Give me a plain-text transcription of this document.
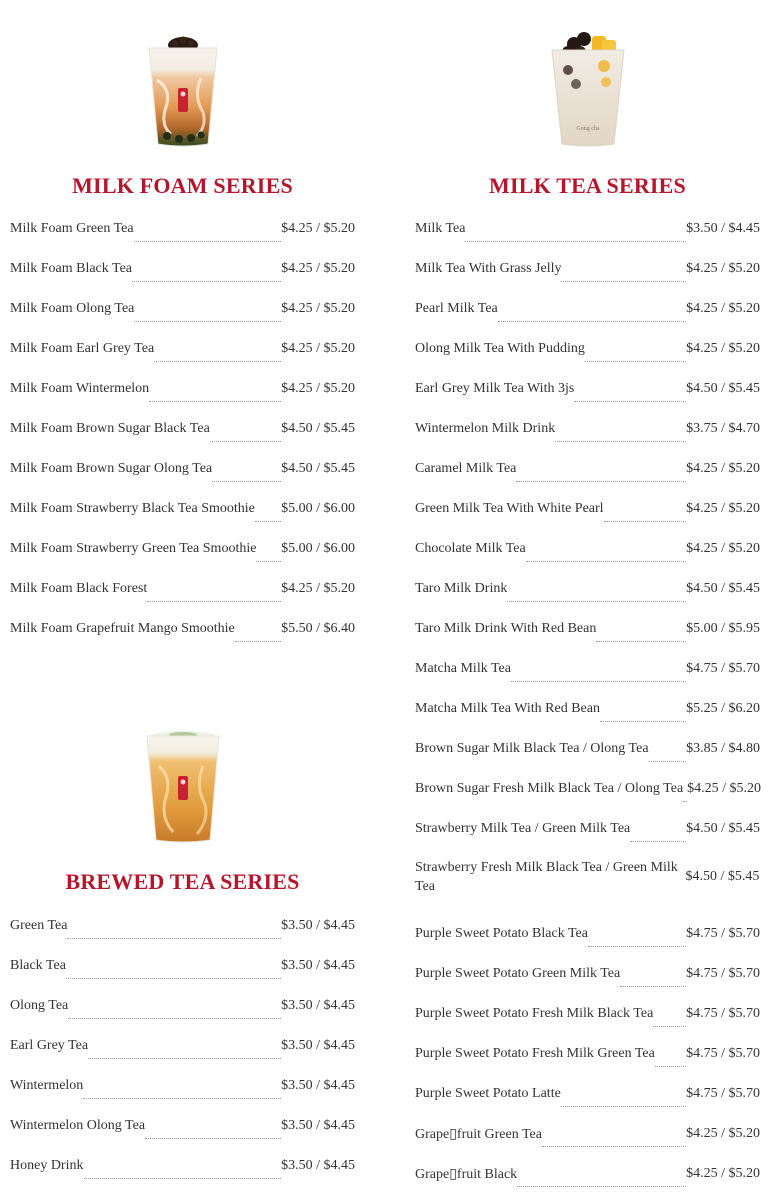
MILK FOAM SERIES
Milk Foam Green Tea	$4.25 / $5.20
Milk Foam Black Tea	$4.25 / $5.20
Milk Foam Olong Tea	$4.25 / $5.20
Milk Foam Earl Grey Tea	$4.25 / $5.20
Milk Foam Wintermelon	$4.25 / $5.20
Milk Foam Brown Sugar Black Tea	$4.50 / $5.45
Milk Foam Brown Sugar Olong Tea	$4.50 / $5.45
Milk Foam Strawberry Black Tea Smoothie $5.00 / $6.00
Milk Foam Strawberry Green Tea Smoothie $5.00 / $6.00
Milk Foam Black Forest	$4.25 / $5.20
Milk Foam Grapefruit Mango Smoothie	$5.50 / $6.40
BREWED TEA SERIES
Green Tea	$3.50 / $4.45
Black Tea	$3.50 / $4.45
Olong Tea	$3.50 / $4.45
Earl Grey Tea	$3.50 / $4.45
Wintermelon	$3.50 / $4.45
Wintermelon Olong Tea	$3.50 / $4.45
Honey Drink	$3.50 / $4.45
Gong cha
MILK TEA SERIES
Milk Tea	$3.50 / $4.45
Milk Tea With Grass Jelly	$4.25 / $5.20
Pearl Milk Tea	$4.25 / $5.20
Olong Milk Tea With Pudding	$4.25 / $5.20
Earl Grey Milk Tea With 3js	$4.50 / $5.45
Wintermelon Milk Drink	$3.75 / $4.70
Caramel Milk Tea	$4.25 / $5.20
Green Milk Tea With White Pearl	$4.25 / $5.20
Chocolate Milk Tea	$4.25 / $5.20
Taro Milk Drink	$4.50 / $5.45
Taro Milk Drink With Red Bean	$5.00 / $5.95
Matcha Milk Tea	$4.75 / $5.70
Matcha Milk Tea With Red Bean	$5.25 / $6.20
Brown Sugar Milk Black Tea / Olong Tea	$3.85 / $4.80
Brown Sugar Fresh Milk Black Tea / Olong Tea $4.25 / $5.20
Strawberry Milk Tea / Green Milk Tea	$4.50 / $5.45
Strawberry Fresh Milk Black Tea / Green Milk Tea
$4.50 / $5.45
Purple Sweet Potato Black Tea	$4.75 / $5.70
Purple Sweet Potato Green Milk Tea	$4.75 / $5.70
Purple Sweet Potato Fresh Milk Black Tea $4.75 / $5.70
Purple Sweet Potato Fresh Milk Green Tea $4.75 / $5.70
Purple Sweet Potato Latte	$4.75 / $5.70
Grape▯fruit Green Tea	$4.25 / $5.20
Grape▯fruit Black	$4.25 / $5.20
